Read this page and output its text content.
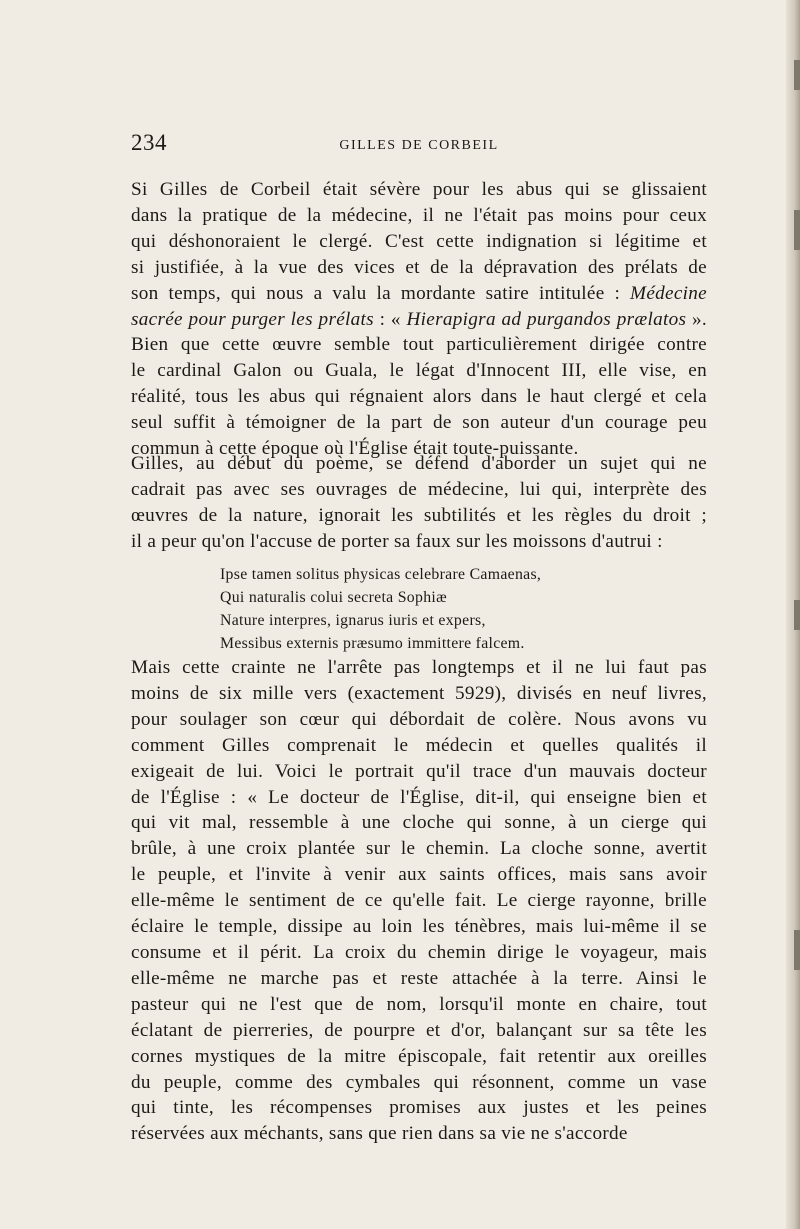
234	GILLES DE CORBEIL
Si Gilles de Corbeil était sévère pour les abus qui se glissaient
dans la pratique de la médecine, il ne l'était pas moins pour ceux
qui déshonoraient le clergé. C'est cette indignation si légitime et
si justifiée, à la vue des vices et de la dépravation des prélats de
son temps, qui nous a valu la mordante satire intitulée : Médecine
sacrée pour purger les prélats : « Hierapigra ad purgandos prælatos ».
Bien que cette œuvre semble tout particulièrement dirigée contre
le cardinal Galon ou Guala, le légat d'Innocent III, elle vise, en
réalité, tous les abus qui régnaient alors dans le haut clergé et cela
seul suffit à témoigner de la part de son auteur d'un courage peu
commun à cette époque où l'Église était toute-puissante.
Gilles, au début du poème, se défend d'aborder un sujet qui ne
cadrait pas avec ses ouvrages de médecine, lui qui, interprète des
œuvres de la nature, ignorait les subtilités et les règles du droit ;
il a peur qu'on l'accuse de porter sa faux sur les moissons d'autrui :
Ipse tamen solitus physicas celebrare Camaenas,
Qui naturalis colui secreta Sophiæ
Nature interpres, ignarus iuris et expers,
Messibus externis præsumo immittere falcem.
Mais cette crainte ne l'arrête pas longtemps et il ne lui faut pas
moins de six mille vers (exactement 5929), divisés en neuf livres,
pour soulager son cœur qui débordait de colère. Nous avons vu
comment Gilles comprenait le médecin et quelles qualités il
exigeait de lui. Voici le portrait qu'il trace d'un mauvais docteur
de l'Église : « Le docteur de l'Église, dit-il, qui enseigne bien et
qui vit mal, ressemble à une cloche qui sonne, à un cierge qui
brûle, à une croix plantée sur le chemin. La cloche sonne, avertit
le peuple, et l'invite à venir aux saints offices, mais sans avoir
elle-même le sentiment de ce qu'elle fait. Le cierge rayonne, brille
éclaire le temple, dissipe au loin les ténèbres, mais lui-même il se
consume et il périt. La croix du chemin dirige le voyageur, mais
elle-même ne marche pas et reste attachée à la terre. Ainsi le
pasteur qui ne l'est que de nom, lorsqu'il monte en chaire, tout
éclatant de pierreries, de pourpre et d'or, balançant sur sa tête les
cornes mystiques de la mitre épiscopale, fait retentir aux oreilles
du peuple, comme des cymbales qui résonnent, comme un vase
qui tinte, les récompenses promises aux justes et les peines
réservées aux méchants, sans que rien dans sa vie ne s'accorde
